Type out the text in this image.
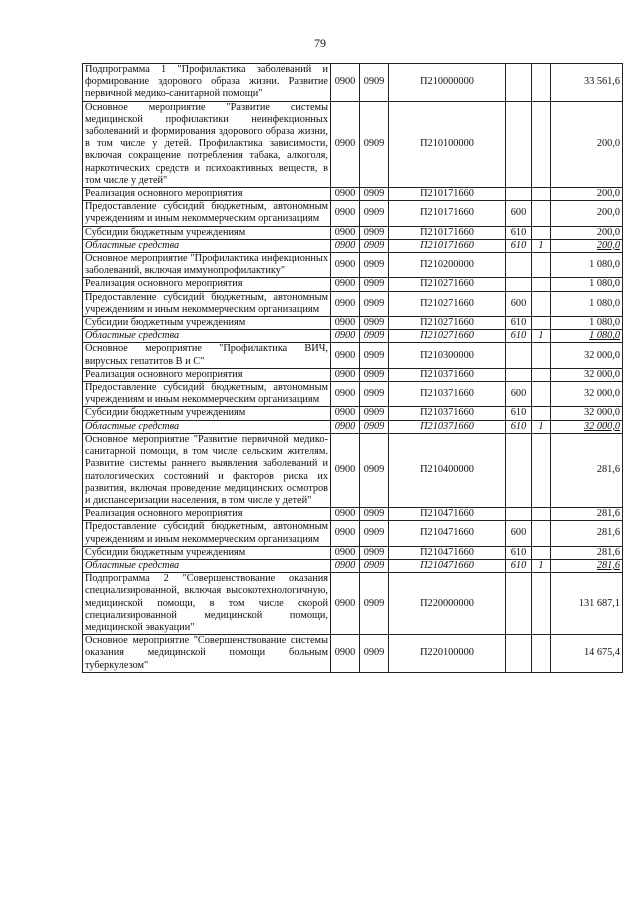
79
Подпрограмма 1 "Профилактика заболеваний и формирование здорового образа жизни. Развитие первичной медико-санитарной помощи"	0900	0909	П210000000			33 561,6
Основное мероприятие "Развитие системы медицинской профилактики неинфекционных заболеваний и формирования здорового образа жизни, в том числе у детей. Профилактика зависимости, включая сокращение потребления табака, алкоголя, наркотических средств и психоактивных веществ, в том числе у детей"	0900	0909	П210100000			200,0
Реализация основного мероприятия	0900	0909	П210171660			200,0
Предоставление субсидий бюджетным, автономным учреждениям и иным некоммерческим организациям	0900	0909	П210171660	600		200,0
Субсидии бюджетным учреждениям	0900	0909	П210171660	610		200,0
Областные средства	0900	0909	П210171660	610	1	200,0
Основное мероприятие "Профилактика инфекционных заболеваний, включая иммунопрофилактику"	0900	0909	П210200000			1 080,0
Реализация основного мероприятия	0900	0909	П210271660			1 080,0
Предоставление субсидий бюджетным, автономным учреждениям и иным некоммерческим организациям	0900	0909	П210271660	600		1 080,0
Субсидии бюджетным учреждениям	0900	0909	П210271660	610		1 080,0
Областные средства	0900	0909	П210271660	610	1	1 080,0
Основное мероприятие "Профилактика ВИЧ, вирусных гепатитов В и С"	0900	0909	П210300000			32 000,0
Реализация основного мероприятия	0900	0909	П210371660			32 000,0
Предоставление субсидий бюджетным, автономным учреждениям и иным некоммерческим организациям	0900	0909	П210371660	600		32 000,0
Субсидии бюджетным учреждениям	0900	0909	П210371660	610		32 000,0
Областные средства	0900	0909	П210371660	610	1	32 000,0
Основное мероприятие "Развитие первичной медико-санитарной помощи, в том числе сельским жителям. Развитие системы раннего выявления заболеваний и патологических состояний и факторов риска их развития, включая проведение медицинских осмотров и диспансеризации населения, в том числе у детей"	0900	0909	П210400000			281,6
Реализация основного мероприятия	0900	0909	П210471660			281,6
Предоставление субсидий бюджетным, автономным учреждениям и иным некоммерческим организациям	0900	0909	П210471660	600		281,6
Субсидии бюджетным учреждениям	0900	0909	П210471660	610		281,6
Областные средства	0900	0909	П210471660	610	1	281,6
Подпрограмма 2 "Совершенствование оказания специализированной, включая высокотехнологичную, медицинской помощи, в том числе скорой специализированной медицинской помощи, медицинской эвакуации"	0900	0909	П220000000			131 687,1
Основное мероприятие "Совершенствование системы оказания медицинской помощи больным туберкулезом"	0900	0909	П220100000			14 675,4
